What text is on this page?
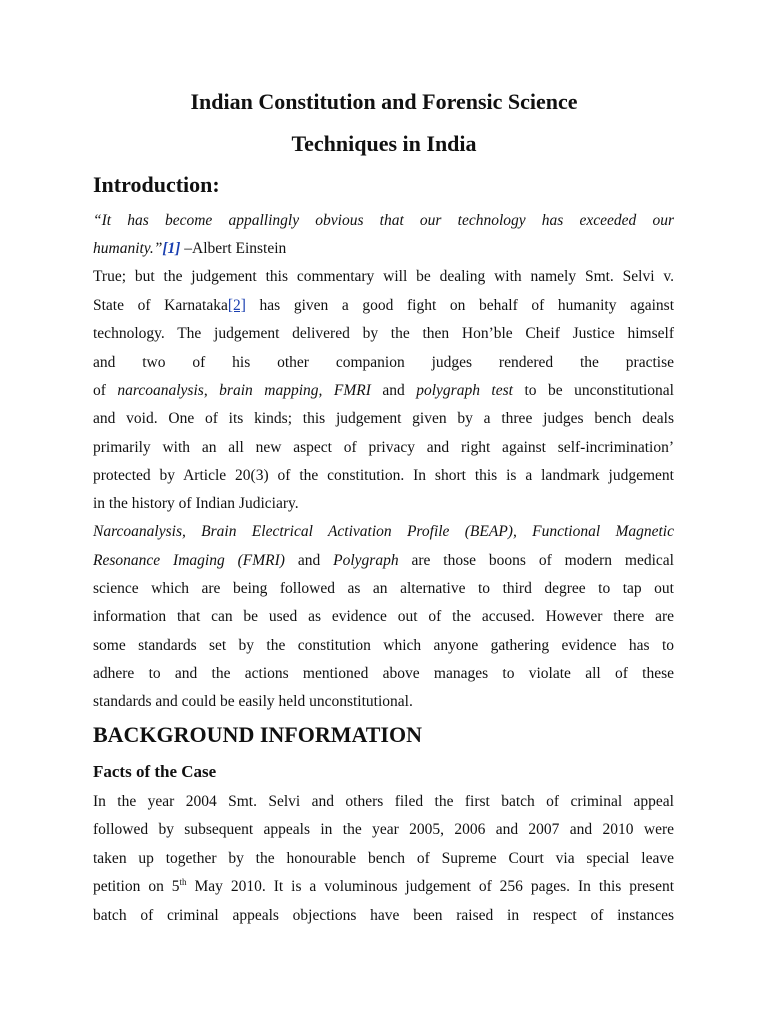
Indian Constitution and Forensic Science
Techniques in India
Introduction:
“It has become appallingly obvious that our technology has exceeded our
humanity.”[1] –Albert Einstein
True; but the judgement this commentary will be dealing with namely Smt. Selvi v.
State of Karnataka[2] has given a good fight on behalf of humanity against
technology. The judgement delivered by the then Hon’ble Cheif Justice himself
and two of his other companion judges rendered the practise
of narcoanalysis, brain mapping, FMRI and polygraph test to be unconstitutional
and void. One of its kinds; this judgement given by a three judges bench deals
primarily with an all new aspect of privacy and right against self-incrimination’
protected by Article 20(3) of the constitution. In short this is a landmark judgement
in the history of Indian Judiciary.
Narcoanalysis, Brain Electrical Activation Profile (BEAP), Functional Magnetic
Resonance Imaging (FMRI) and Polygraph are those boons of modern medical
science which are being followed as an alternative to third degree to tap out
information that can be used as evidence out of the accused. However there are
some standards set by the constitution which anyone gathering evidence has to
adhere to and the actions mentioned above manages to violate all of these
standards and could be easily held unconstitutional.
BACKGROUND INFORMATION
Facts of the Case
In the year 2004 Smt. Selvi and others filed the first batch of criminal appeal
followed by subsequent appeals in the year 2005, 2006 and 2007 and 2010 were
taken up together by the honourable bench of Supreme Court via special leave
petition on 5th May 2010. It is a voluminous judgement of 256 pages. In this present
batch of criminal appeals objections have been raised in respect of instances
